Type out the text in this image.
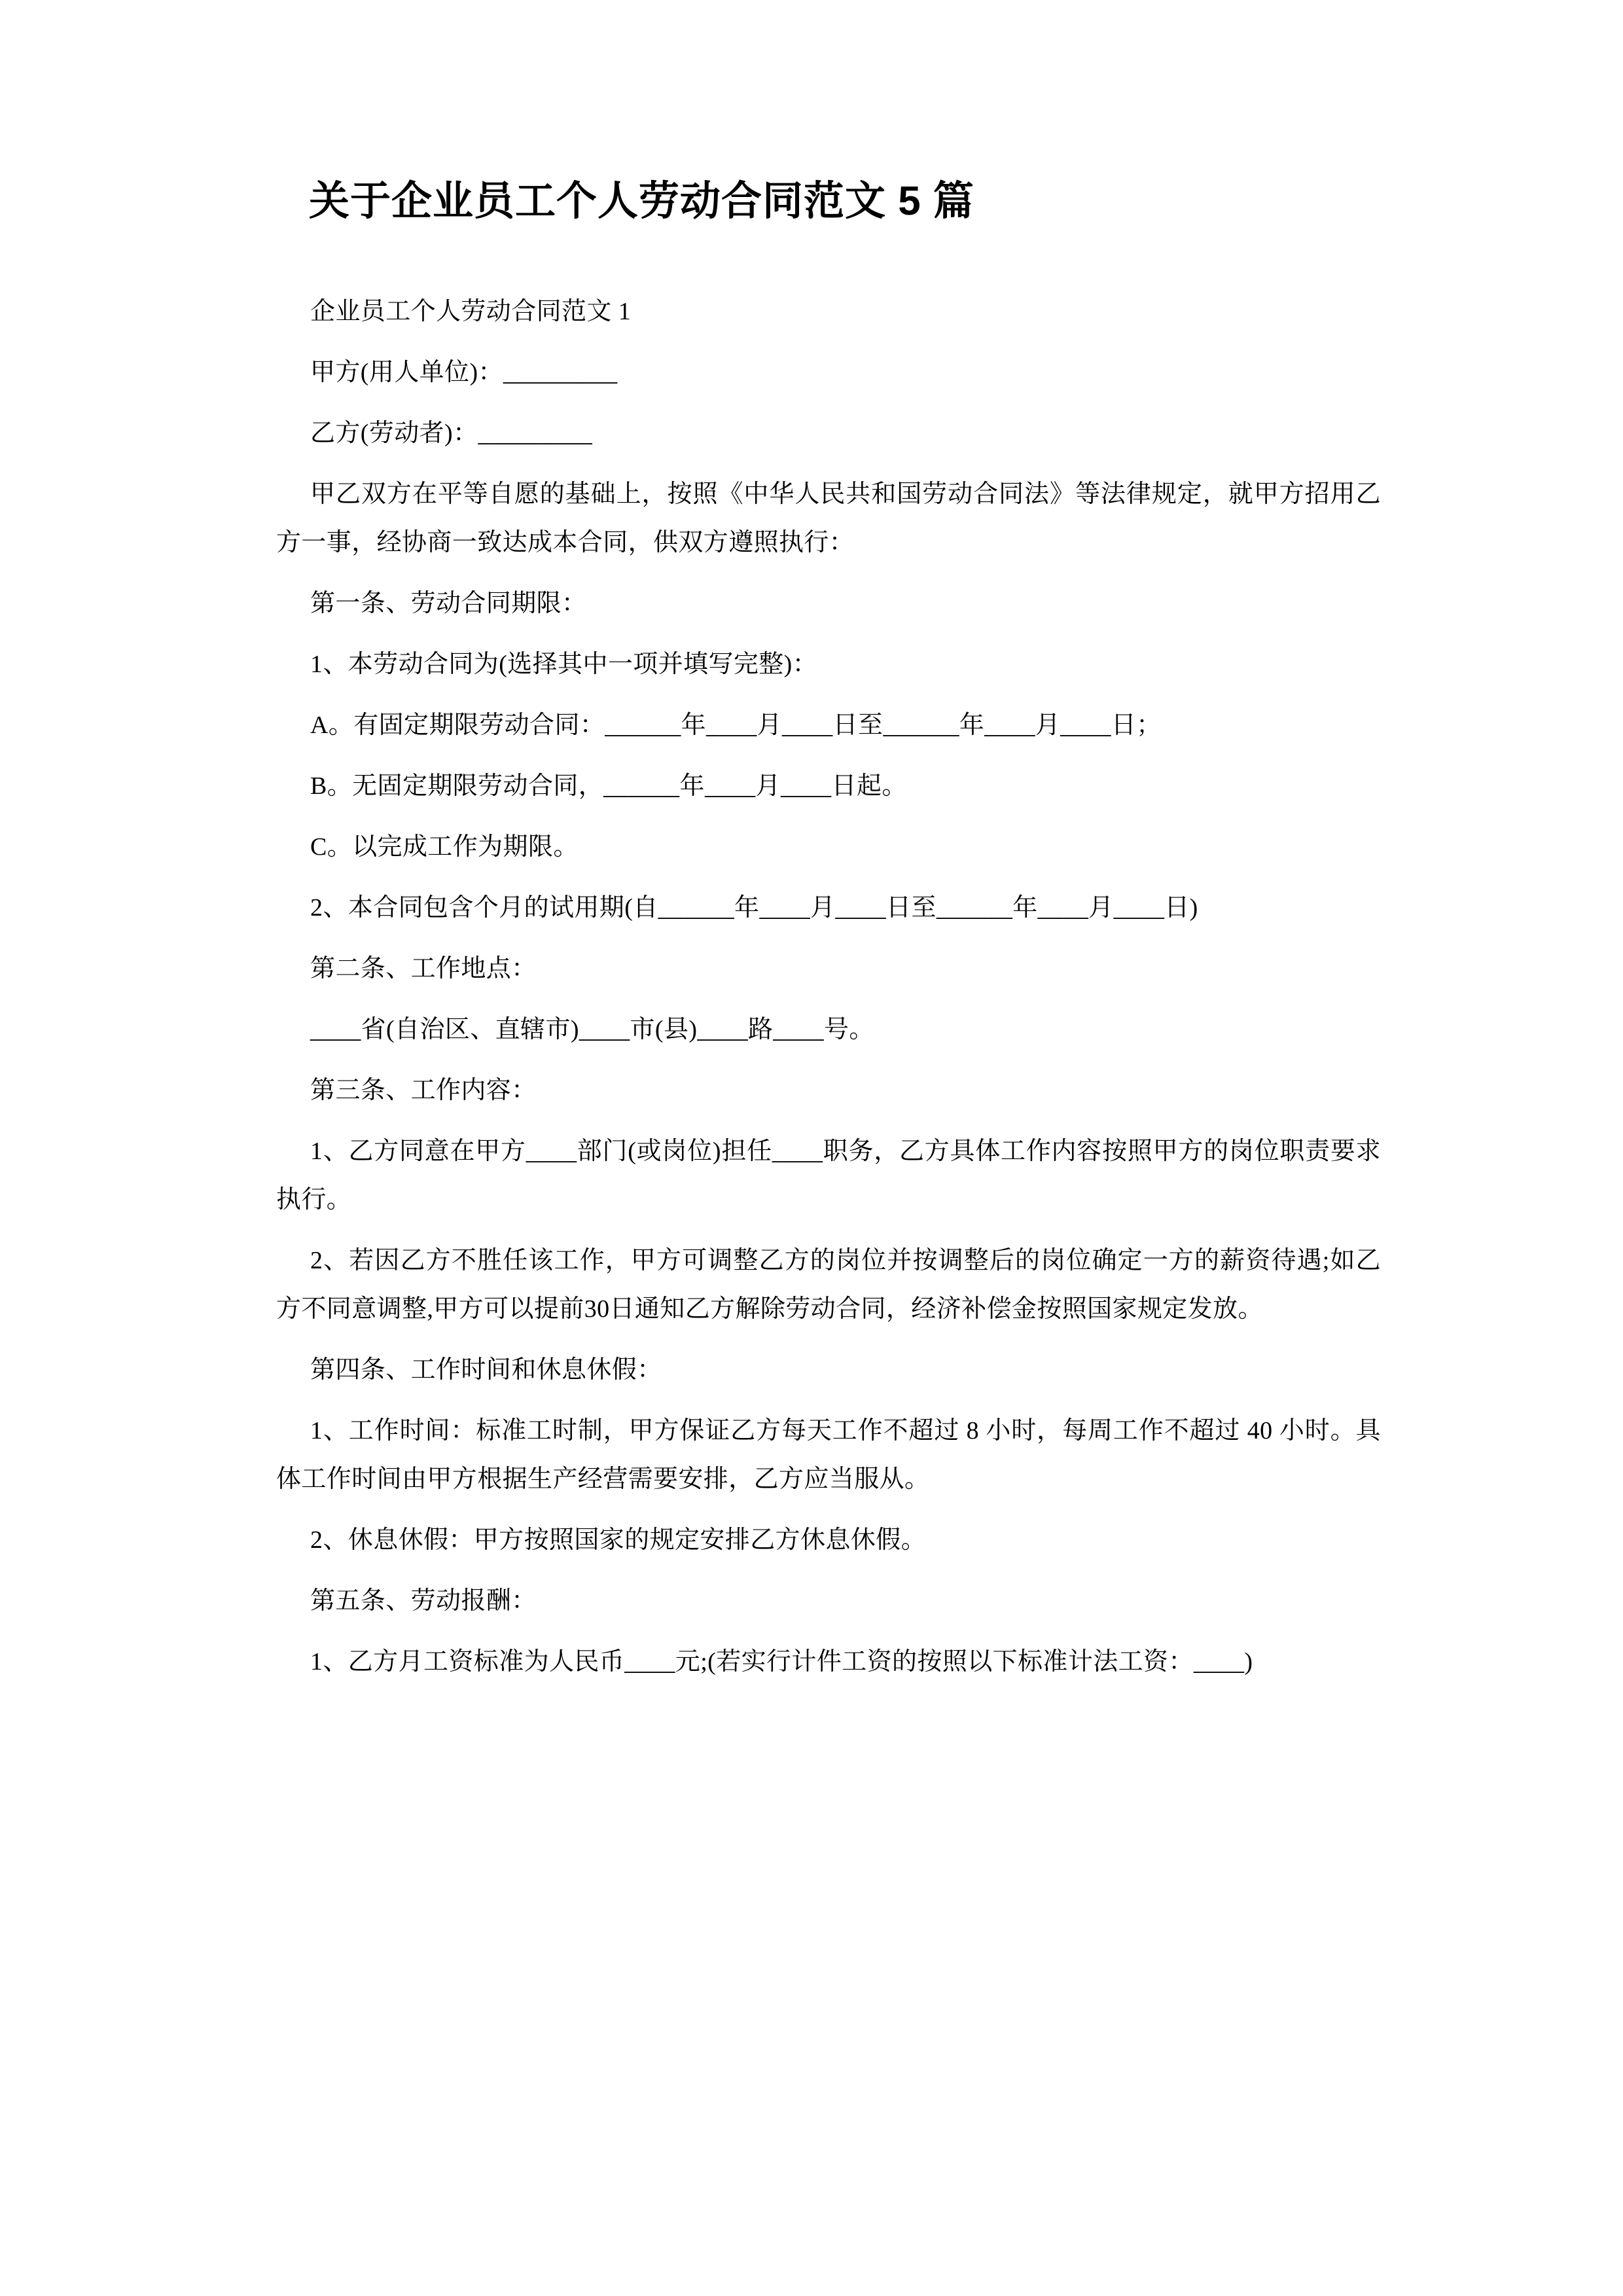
关于企业员工个人劳动合同范文 5 篇

企业员工个人劳动合同范文 1

甲方(用人单位)：_________

乙方(劳动者)：_________

甲乙双方在平等自愿的基础上，按照《中华人民共和国劳动合同法》等法律规定，就甲方招用乙方一事，经协商一致达成本合同，供双方遵照执行：

第一条、劳动合同期限：

1、本劳动合同为(选择其中一项并填写完整)：

A。有固定期限劳动合同：______年____月____日至______年____月____日；

B。无固定期限劳动合同，______年____月____日起。

C。以完成工作为期限。

2、本合同包含个月的试用期(自______年____月____日至______年____月____日)

第二条、工作地点：

____省(自治区、直辖市)____市(县)____路____号。

第三条、工作内容：

1、乙方同意在甲方____部门(或岗位)担任____职务，乙方具体工作内容按照甲方的岗位职责要求执行。

2、若因乙方不胜任该工作，甲方可调整乙方的岗位并按调整后的岗位确定一方的薪资待遇;如乙方不同意调整,甲方可以提前30日通知乙方解除劳动合同，经济补偿金按照国家规定发放。

第四条、工作时间和休息休假：

1、工作时间：标准工时制，甲方保证乙方每天工作不超过 8 小时，每周工作不超过 40 小时。具体工作时间由甲方根据生产经营需要安排，乙方应当服从。

2、休息休假：甲方按照国家的规定安排乙方休息休假。

第五条、劳动报酬：

1、乙方月工资标准为人民币____元;(若实行计件工资的按照以下标准计法工资：____)
